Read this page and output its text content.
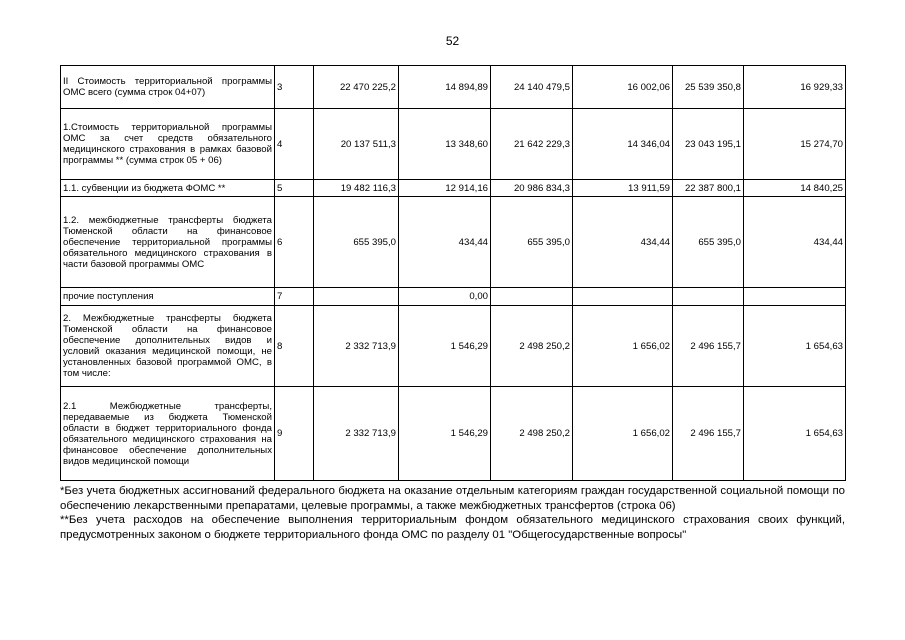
52
II Стоимость территориальной программы ОМС всего (сумма строк 04+07)	3	22 470 225,2	14 894,89	24 140 479,5	16 002,06	25 539 350,8	16 929,33
1.Стоимость территориальной программы ОМС за счет средств обязательного медицинского страхования в рамках базовой программы ** (сумма строк 05 + 06)	4	20 137 511,3	13 348,60	21 642 229,3	14 346,04	23 043 195,1	15 274,70
1.1. субвенции из бюджета ФОМС **	5	19 482 116,3	12 914,16	20 986 834,3	13 911,59	22 387 800,1	14 840,25
1.2. межбюджетные трансферты бюджета Тюменской области на финансовое обеспечение территориальной программы обязательного медицинского страхования в части базовой программы ОМС	6	655 395,0	434,44	655 395,0	434,44	655 395,0	434,44
прочие поступления	7		0,00				
2. Межбюджетные трансферты бюджета Тюменской области на финансовое обеспечение дополнительных видов и условий оказания медицинской помощи, не установленных базовой программой ОМС, в том числе:	8	2 332 713,9	1 546,29	2 498 250,2	1 656,02	2 496 155,7	1 654,63
2.1 Межбюджетные трансферты, передаваемые из бюджета Тюменской области в бюджет территориального фонда обязательного медицинского страхования на финансовое обеспечение дополнительных видов медицинской помощи	9	2 332 713,9	1 546,29	2 498 250,2	1 656,02	2 496 155,7	1 654,63

*Без учета бюджетных ассигнований федерального бюджета на оказание отдельным категориям граждан государственной социальной помощи по обеспечению лекарственными препаратами, целевые программы, а также межбюджетных трансфертов (строка 06)

**Без учета расходов на обеспечение выполнения территориальным фондом обязательного медицинского страхования своих функций, предусмотренных законом о бюджете территориального фонда ОМС по разделу 01 "Общегосударственные вопросы"
